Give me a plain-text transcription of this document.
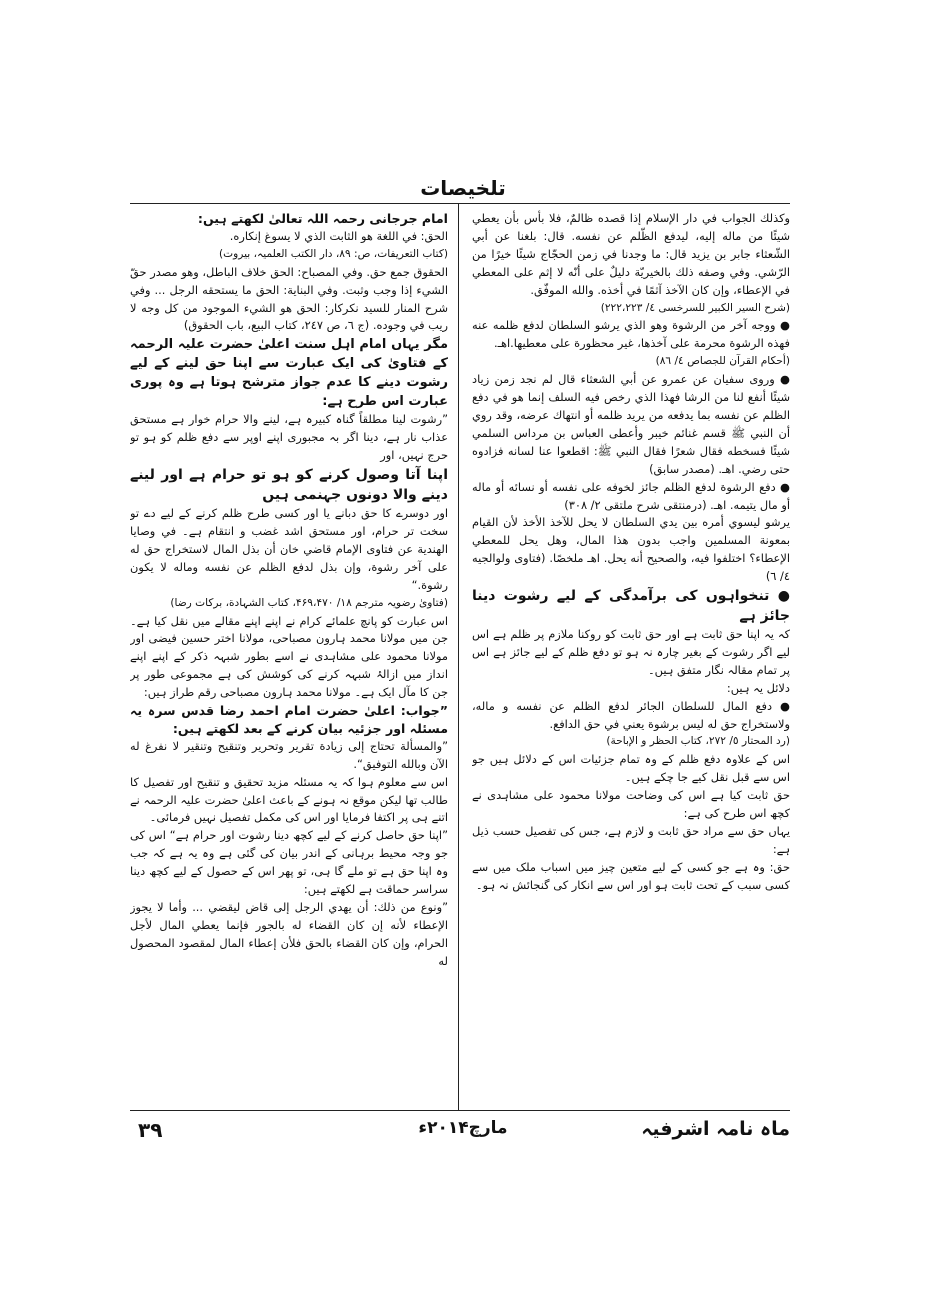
تلخیصات

وكذلك الجواب في دار الإسلام إذا قصده ظالمٌ، فلا بأس بأن يعطي شيئًا من ماله إليه، ليدفع الظّلم عن نفسه. قال: بلغنا عن أبي الشّعثاء جابر بن يزيد قال: ما وجدنا في زمن الحجّاج شيئًا خيرًا من الرّشي. وفي وصفه ذلك بالخيريّة دليلٌ على أنّه لا إثم على المعطي في الإعطاء، وإن كان الآخذ آثمًا في أخذه. والله الموفّق.

(شرح السیر الکبیر للسرخسی ٤/ ۲۲۲،۲۲۳)

● ووجه آخر من الرشوة وهو الذي يرشو السلطان لدفع ظلمه عنه فهذه الرشوة محرمة على آخذها، غير محظورة على معطيها.اهـ.

(أحكام القرآن للجصاص ٤/ ٨٦)

● وروى سفيان عن عمرو عن أبي الشعثاء قال لم نجد زمن زياد شيئًا أنفع لنا من الرشا فهذا الذي رخص فيه السلف إنما هو في دفع الظلم عن نفسه بما يدفعه من يريد ظلمه أو انتهاك عرضه، وقد روي أن النبي ﷺ قسم غنائم خيبر وأعطى العباس بن مرداس السلمي شيئًا فسخطه فقال شعرًا فقال النبي ﷺ: اقطعوا عنا لسانه فزادوه حتى رضي. اهـ. (مصدر سابق)

● دفع الرشوة لدفع الظلم جائز لخوفه على نفسه أو نسائه أو ماله أو مال يتيمه. اهـ. (درمنتقی شرح ملتقی ٢/ ٣٠٨)

يرشو ليسوي أمره بين يدي السلطان لا يحل للآخذ الأخذ لأن القيام بمعونة المسلمين واجب بدون هذا المال، وهل يحل للمعطي الإعطاء؟ اختلفوا فيه، والصحيح أنه يحل. اهـ ملخصًا. (فتاوى ولوالجيه ٤/ ٦)

● تنخواہوں کی برآمدگی کے لیے رشوت دینا جائز ہے

کہ یہ اپنا حق ثابت ہے اور حق ثابت کو روکنا ملازم پر ظلم ہے اس لیے اگر رشوت کے بغیر چارہ نہ ہو تو دفع ظلم کے لیے جائز ہے اس پر تمام مقالہ نگار متفق ہیں۔

دلائل یہ ہیں:

● دفع المال للسلطان الجائر لدفع الظلم عن نفسه و ماله، ولاستخراج حق له ليس برشوة يعني في حق الدافع.

(رد المحتار ٥/ ٢٧٢، کتاب الحظر و الإباحة)

اس کے علاوہ دفع ظلم کے وہ تمام جزئیات اس کے دلائل ہیں جو اس سے قبل نقل کیے جا چکے ہیں۔

حق ثابت کیا ہے اس کی وضاحت مولانا محمود علی مشاہدی نے کچھ اس طرح کی ہے:

یہاں حق سے مراد حق ثابت و لازم ہے، جس کی تفصیل حسب ذیل ہے:

حق: وہ ہے جو کسی کے لیے متعین چیز میں اسباب ملک میں سے کسی سبب کے تحت ثابت ہو اور اس سے انکار کی گنجائش نہ ہو۔

امام جرجانی رحمہ اللہ تعالیٰ لکھتے ہیں:

الحق: في اللغة هو الثابت الذي لا يسوغ إنكاره.

(کتاب التعریفات، ص: ۸۹، دار الکتب العلمیہ، بیروت)

الحقوق جمع حق. وفي المصباح: الحق خلاف الباطل، وهو مصدر حقّ الشيء إذا وجب وثبت. وفي البناية: الحق ما يستحقه الرجل ... وفي شرح المنار للسيد نكركار: الحق هو الشيء الموجود من كل وجه لا ريب في وجوده. (ج ٦، ص ٢٤٧، كتاب البيع، باب الحقوق)

مگر یہاں امام اہل سنت اعلیٰ حضرت علیہ الرحمہ کے فتاویٰ کی ایک عبارت سے اپنا حق لینے کے لیے رشوت دینے کا عدم جواز مترشح ہوتا ہے وہ پوری عبارت اس طرح ہے:

”رشوت لینا مطلقاً گناہ کبیرہ ہے، لینے والا حرام خوار ہے مستحق عذاب نار ہے، دینا اگر بہ مجبوری اپنے اوپر سے دفع ظلم کو ہو تو حرج نہیں، اور

اپنا آتا وصول کرنے کو ہو تو حرام ہے اور لینے دینے والا دونوں جہنمی ہیں

اور دوسرے کا حق دبانے یا اور کسی طرح ظلم کرنے کے لیے دے تو سخت تر حرام، اور مستحق اشد غضب و انتقام ہے۔ في وصايا الهندية عن فتاوى الإمام قاضي خان أن بذل المال لاستخراج حق له على آخر رشوة، وإن بذل لدفع الظلم عن نفسه وماله لا يكون رشوة.“

(فتاویٰ رضویہ مترجم ۱۸/ ۴۶۹،۴۷۰، کتاب الشہادة، برکات رضا)

اس عبارت کو پانچ علمائے کرام نے اپنے اپنے مقالے میں نقل کیا ہے۔ جن میں مولانا محمد ہارون مصباحی، مولانا اختر حسین فیضی اور مولانا محمود علی مشاہدی نے اسے بطور شبہہ ذکر کے اپنے اپنے انداز میں ازالۂ شبہہ کرنے کی کوشش کی ہے مجموعی طور پر جن کا مآل ایک ہے۔ مولانا محمد ہارون مصباحی رقم طراز ہیں:

”جواب: اعلیٰ حضرت امام احمد رضا قدس سرہ یہ مسئلہ اور جزئیہ بیان کرنے کے بعد لکھتے ہیں:

”والمسألة تحتاج إلى زيادة تقرير وتحرير وتنقيح وتنقير لا نفرغ له الآن وبالله التوفيق“.

اس سے معلوم ہوا کہ یہ مسئلہ مزید تحقیق و تنقیح اور تفصیل کا طالب تھا لیکن موقع نہ ہونے کے باعث اعلیٰ حضرت علیہ الرحمہ نے اتنے ہی پر اکتفا فرمایا اور اس کی مکمل تفصیل نہیں فرمائی۔

”اپنا حق حاصل کرنے کے لیے کچھ دینا رشوت اور حرام ہے“ اس کی جو وجہ محیط برہانی کے اندر بیان کی گئی ہے وہ یہ ہے کہ جب وہ اپنا حق ہے تو ملے گا ہی، تو پھر اس کے حصول کے لیے کچھ دینا سراسر حماقت ہے لکھتے ہیں:

”ونوع من ذلك: أن يهدي الرجل إلى قاض ليقضي ... وأما لا يجوز الإعطاء لأنه إن كان القضاء له بالجور فإنما يعطي المال لأجل الحرام، وإن كان القضاء بالحق فلأن إعطاء المال لمقصود المحصول له

ماہ نامہ اشرفیہ
مارچ۲۰۱۴ء
۳۹
